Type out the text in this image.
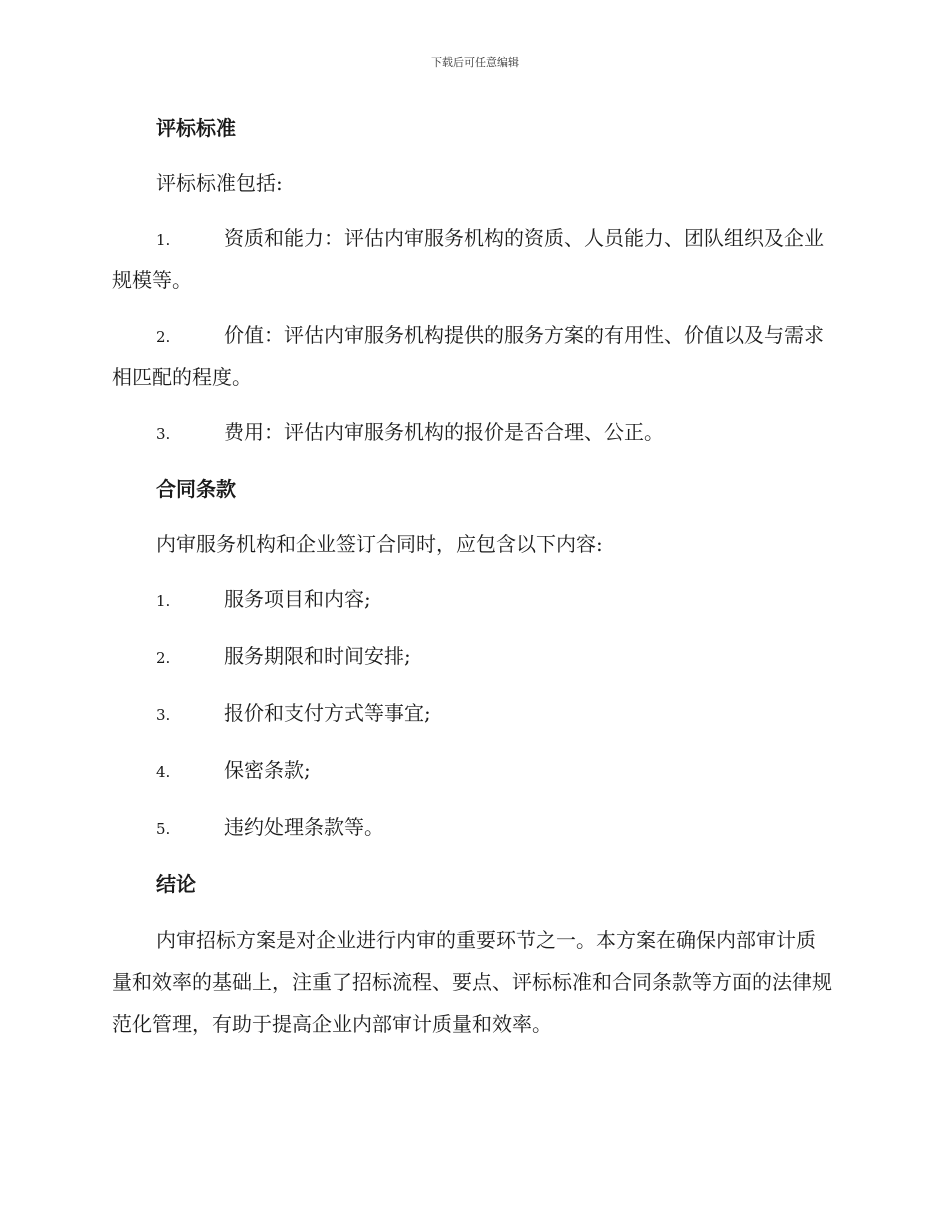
下载后可任意编辑
评标标准
评标标准包括:
1.	资质和能力：评估内审服务机构的资质、人员能力、团队组织及企业规模等。
2.	价值：评估内审服务机构提供的服务方案的有用性、价值以及与需求相匹配的程度。
3.	费用：评估内审服务机构的报价是否合理、公正。
合同条款
内审服务机构和企业签订合同时，应包含以下内容:
1.	服务项目和内容;
2.	服务期限和时间安排;
3.	报价和支付方式等事宜;
4.	保密条款;
5.	违约处理条款等。
结论
内审招标方案是对企业进行内审的重要环节之一。本方案在确保内部审计质量和效率的基础上，注重了招标流程、要点、评标标准和合同条款等方面的法律规范化管理，有助于提高企业内部审计质量和效率。
